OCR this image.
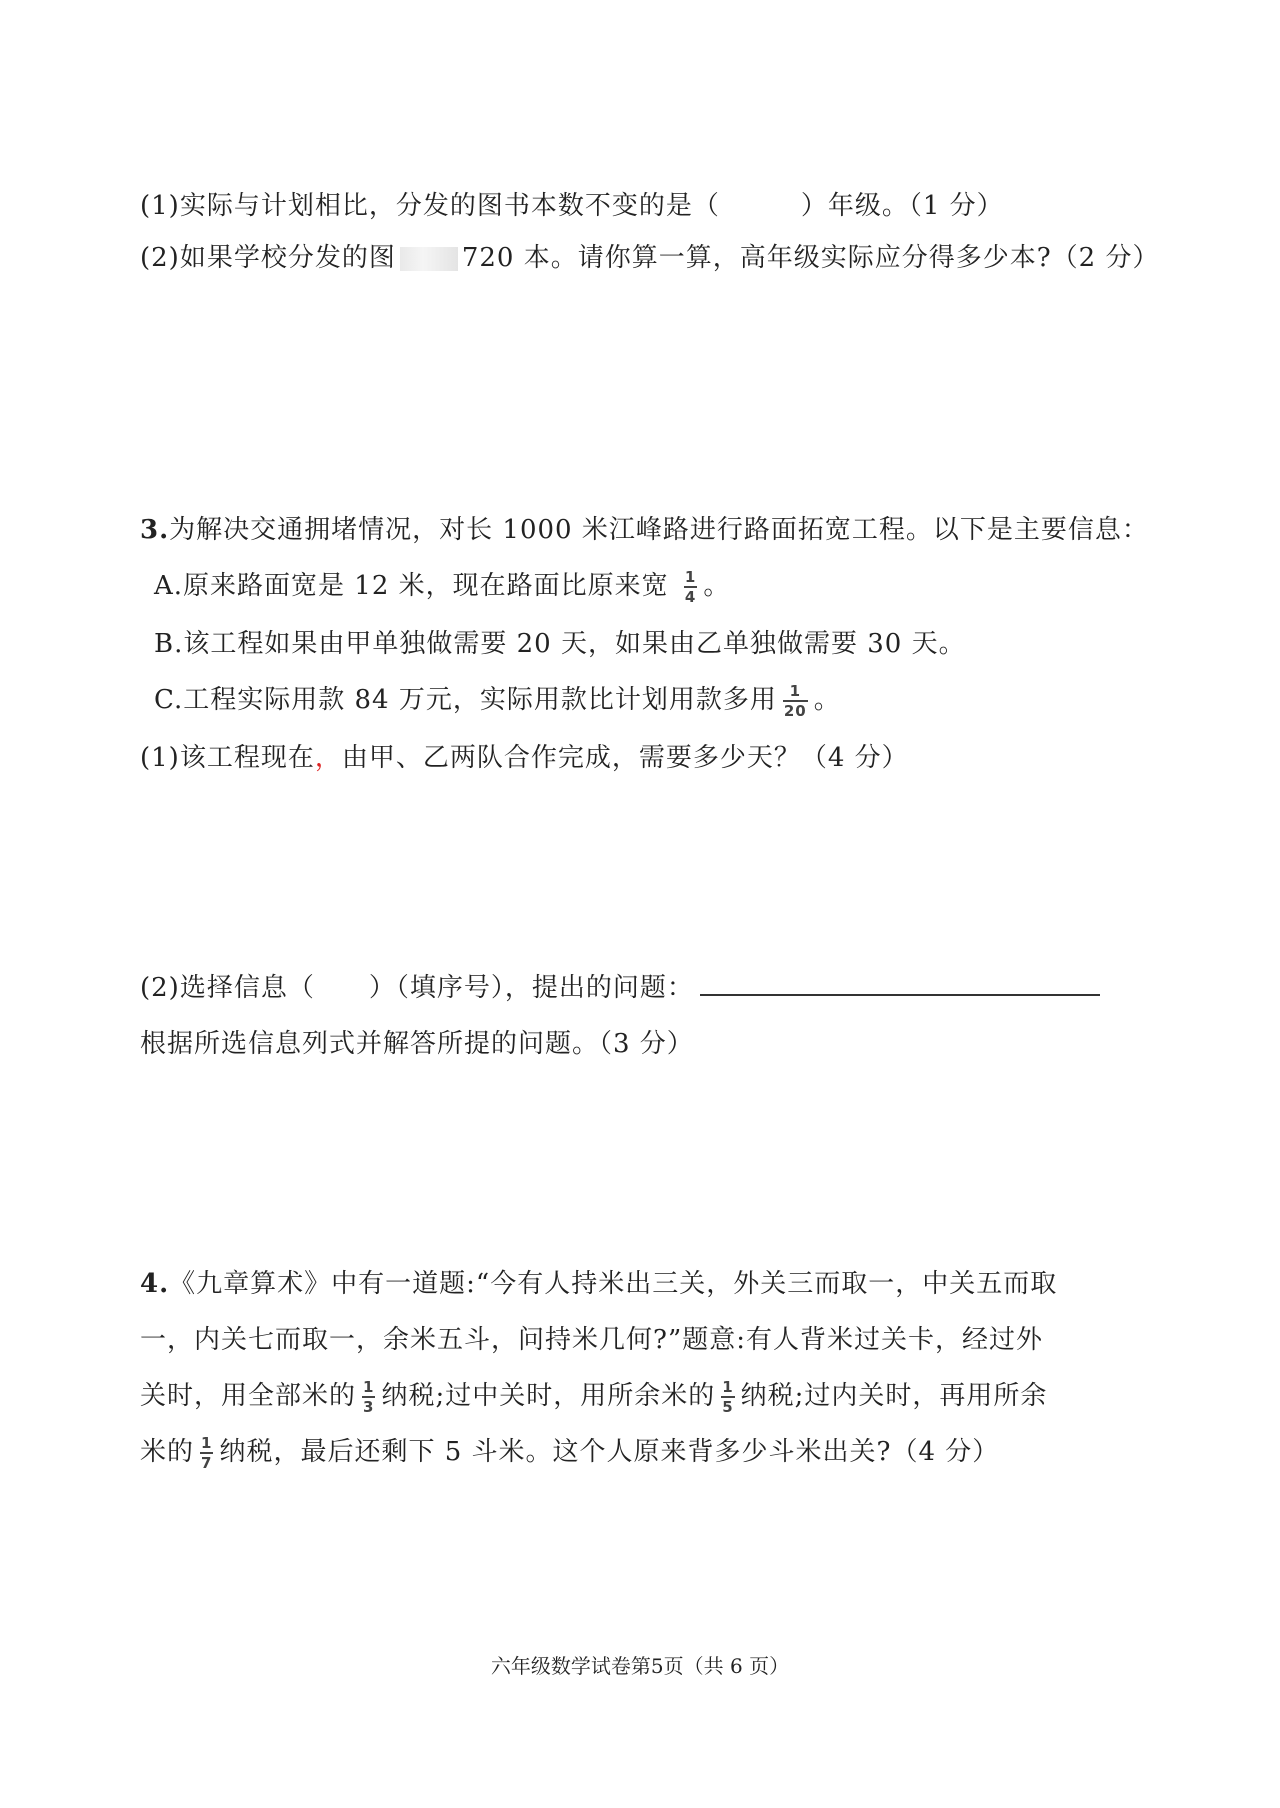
(1)实际与计划相比，分发的图书本数不变的是（　　　）年级。（1 分）
(2)如果学校分发的图	720 本。请你算一算，高年级实际应分得多少本?（2 分）
3.为解决交通拥堵情况，对长 1000 米江峰路进行路面拓宽工程。以下是主要信息：
A.原来路面宽是 12 米，现在路面比原来宽 $\frac{1}{4}$ 。
B.该工程如果由甲单独做需要 20 天，如果由乙单独做需要 30 天。
C.工程实际用款 84 万元，实际用款比计划用款多用 $\frac{1}{20}$ 。
(1)该工程现在，由甲、乙两队合作完成，需要多少天？（4 分）
(2)选择信息（　　）（填序号），提出的问题：
根据所选信息列式并解答所提的问题。（3 分）
4.《九章算术》中有一道题:“今有人持米出三关，外关三而取一，中关五而取
一，内关七而取一，余米五斗，问持米几何?”题意:有人背米过关卡，经过外
关时，用全部米的 $\frac{1}{3}$ 纳税;过中关时，用所余米的 $\frac{1}{5}$ 纳税;过内关时，再用所余
米的 $\frac{1}{7}$ 纳税，最后还剩下 5 斗米。这个人原来背多少斗米出关?（4 分）
六年级数学试卷第5页（共 6 页）
